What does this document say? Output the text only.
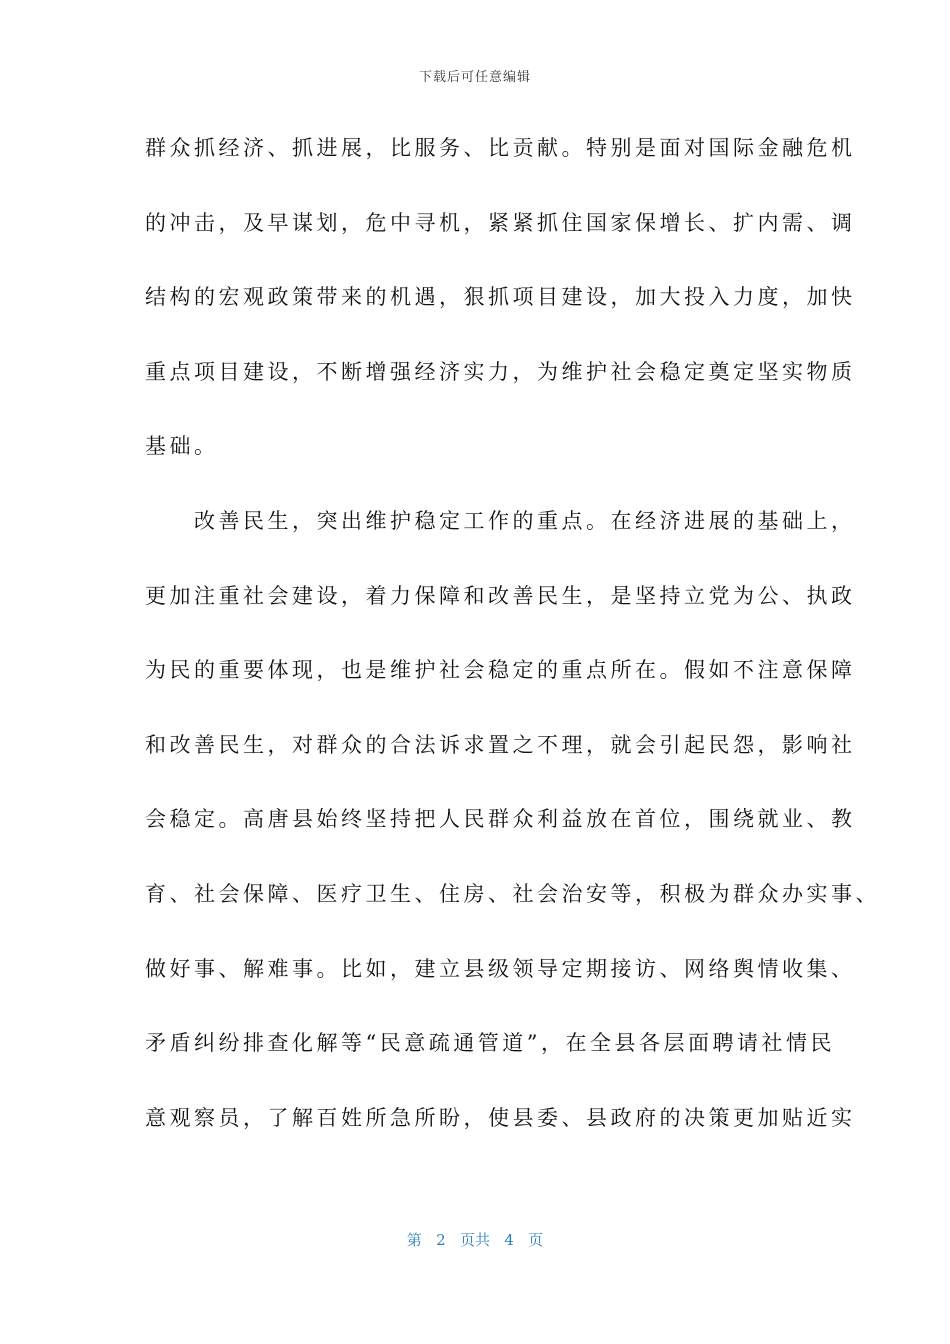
下载后可任意编辑
群众抓经济、抓进展，比服务、比贡献。特别是面对国际金融危机
的冲击，及早谋划，危中寻机，紧紧抓住国家保增长、扩内需、调
结构的宏观政策带来的机遇，狠抓项目建设，加大投入力度，加快
重点项目建设，不断增强经济实力，为维护社会稳定奠定坚实物质
基础。
　　改善民生，突出维护稳定工作的重点。在经济进展的基础上，
更加注重社会建设，着力保障和改善民生，是坚持立党为公、执政
为民的重要体现，也是维护社会稳定的重点所在。假如不注意保障
和改善民生，对群众的合法诉求置之不理，就会引起民怨，影响社
会稳定。高唐县始终坚持把人民群众利益放在首位，围绕就业、教
育、社会保障、医疗卫生、住房、社会治安等，积极为群众办实事、
做好事、解难事。比如，建立县级领导定期接访、网络舆情收集、
矛盾纠纷排查化解等“民意疏通管道”，在全县各层面聘请社情民
意观察员，了解百姓所急所盼，使县委、县政府的决策更加贴近实
第 2 页共 4 页
